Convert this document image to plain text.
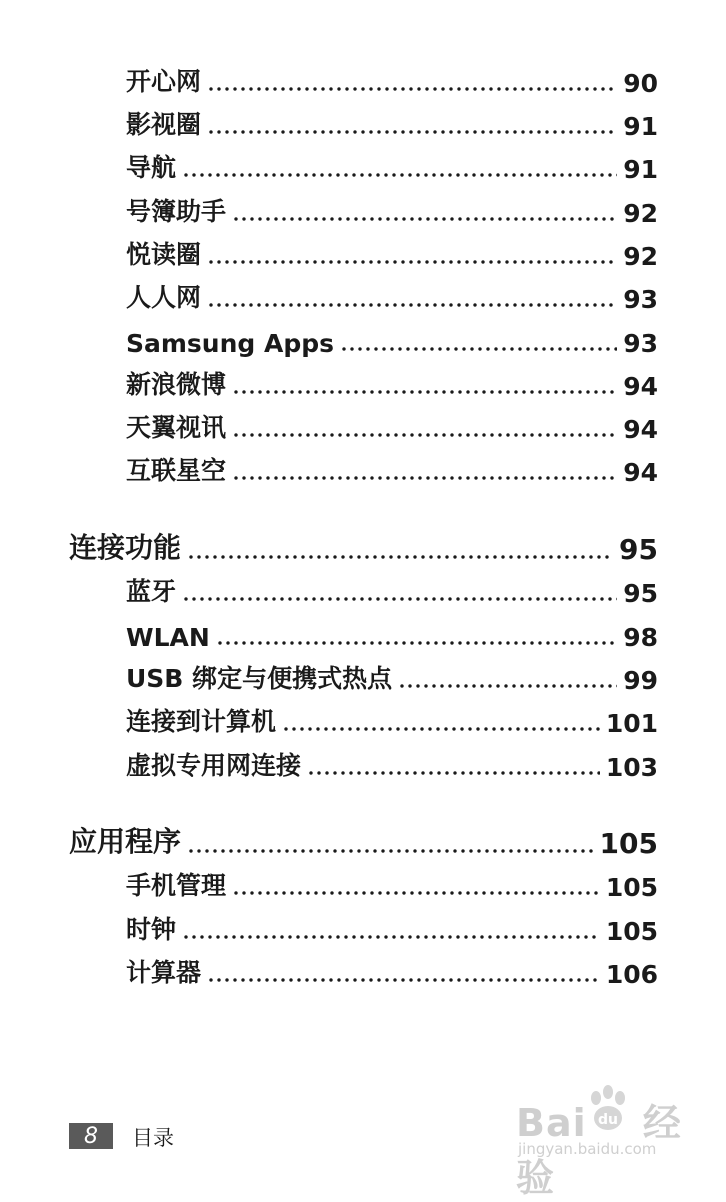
开心网	90
影视圈	91
导航	91
号簿助手	92
悦读圈	92
人人网	93
Samsung Apps	93
新浪微博	94
天翼视讯	94
互联星空	94
连接功能	95
蓝牙	95
WLAN	98
USB 绑定与便携式热点	99
连接到计算机	101
虚拟专用网连接	103
应用程序	105
手机管理	105
时钟	105
计算器	106
8	目录	Bai 经验
du
jingyan.baidu.com
